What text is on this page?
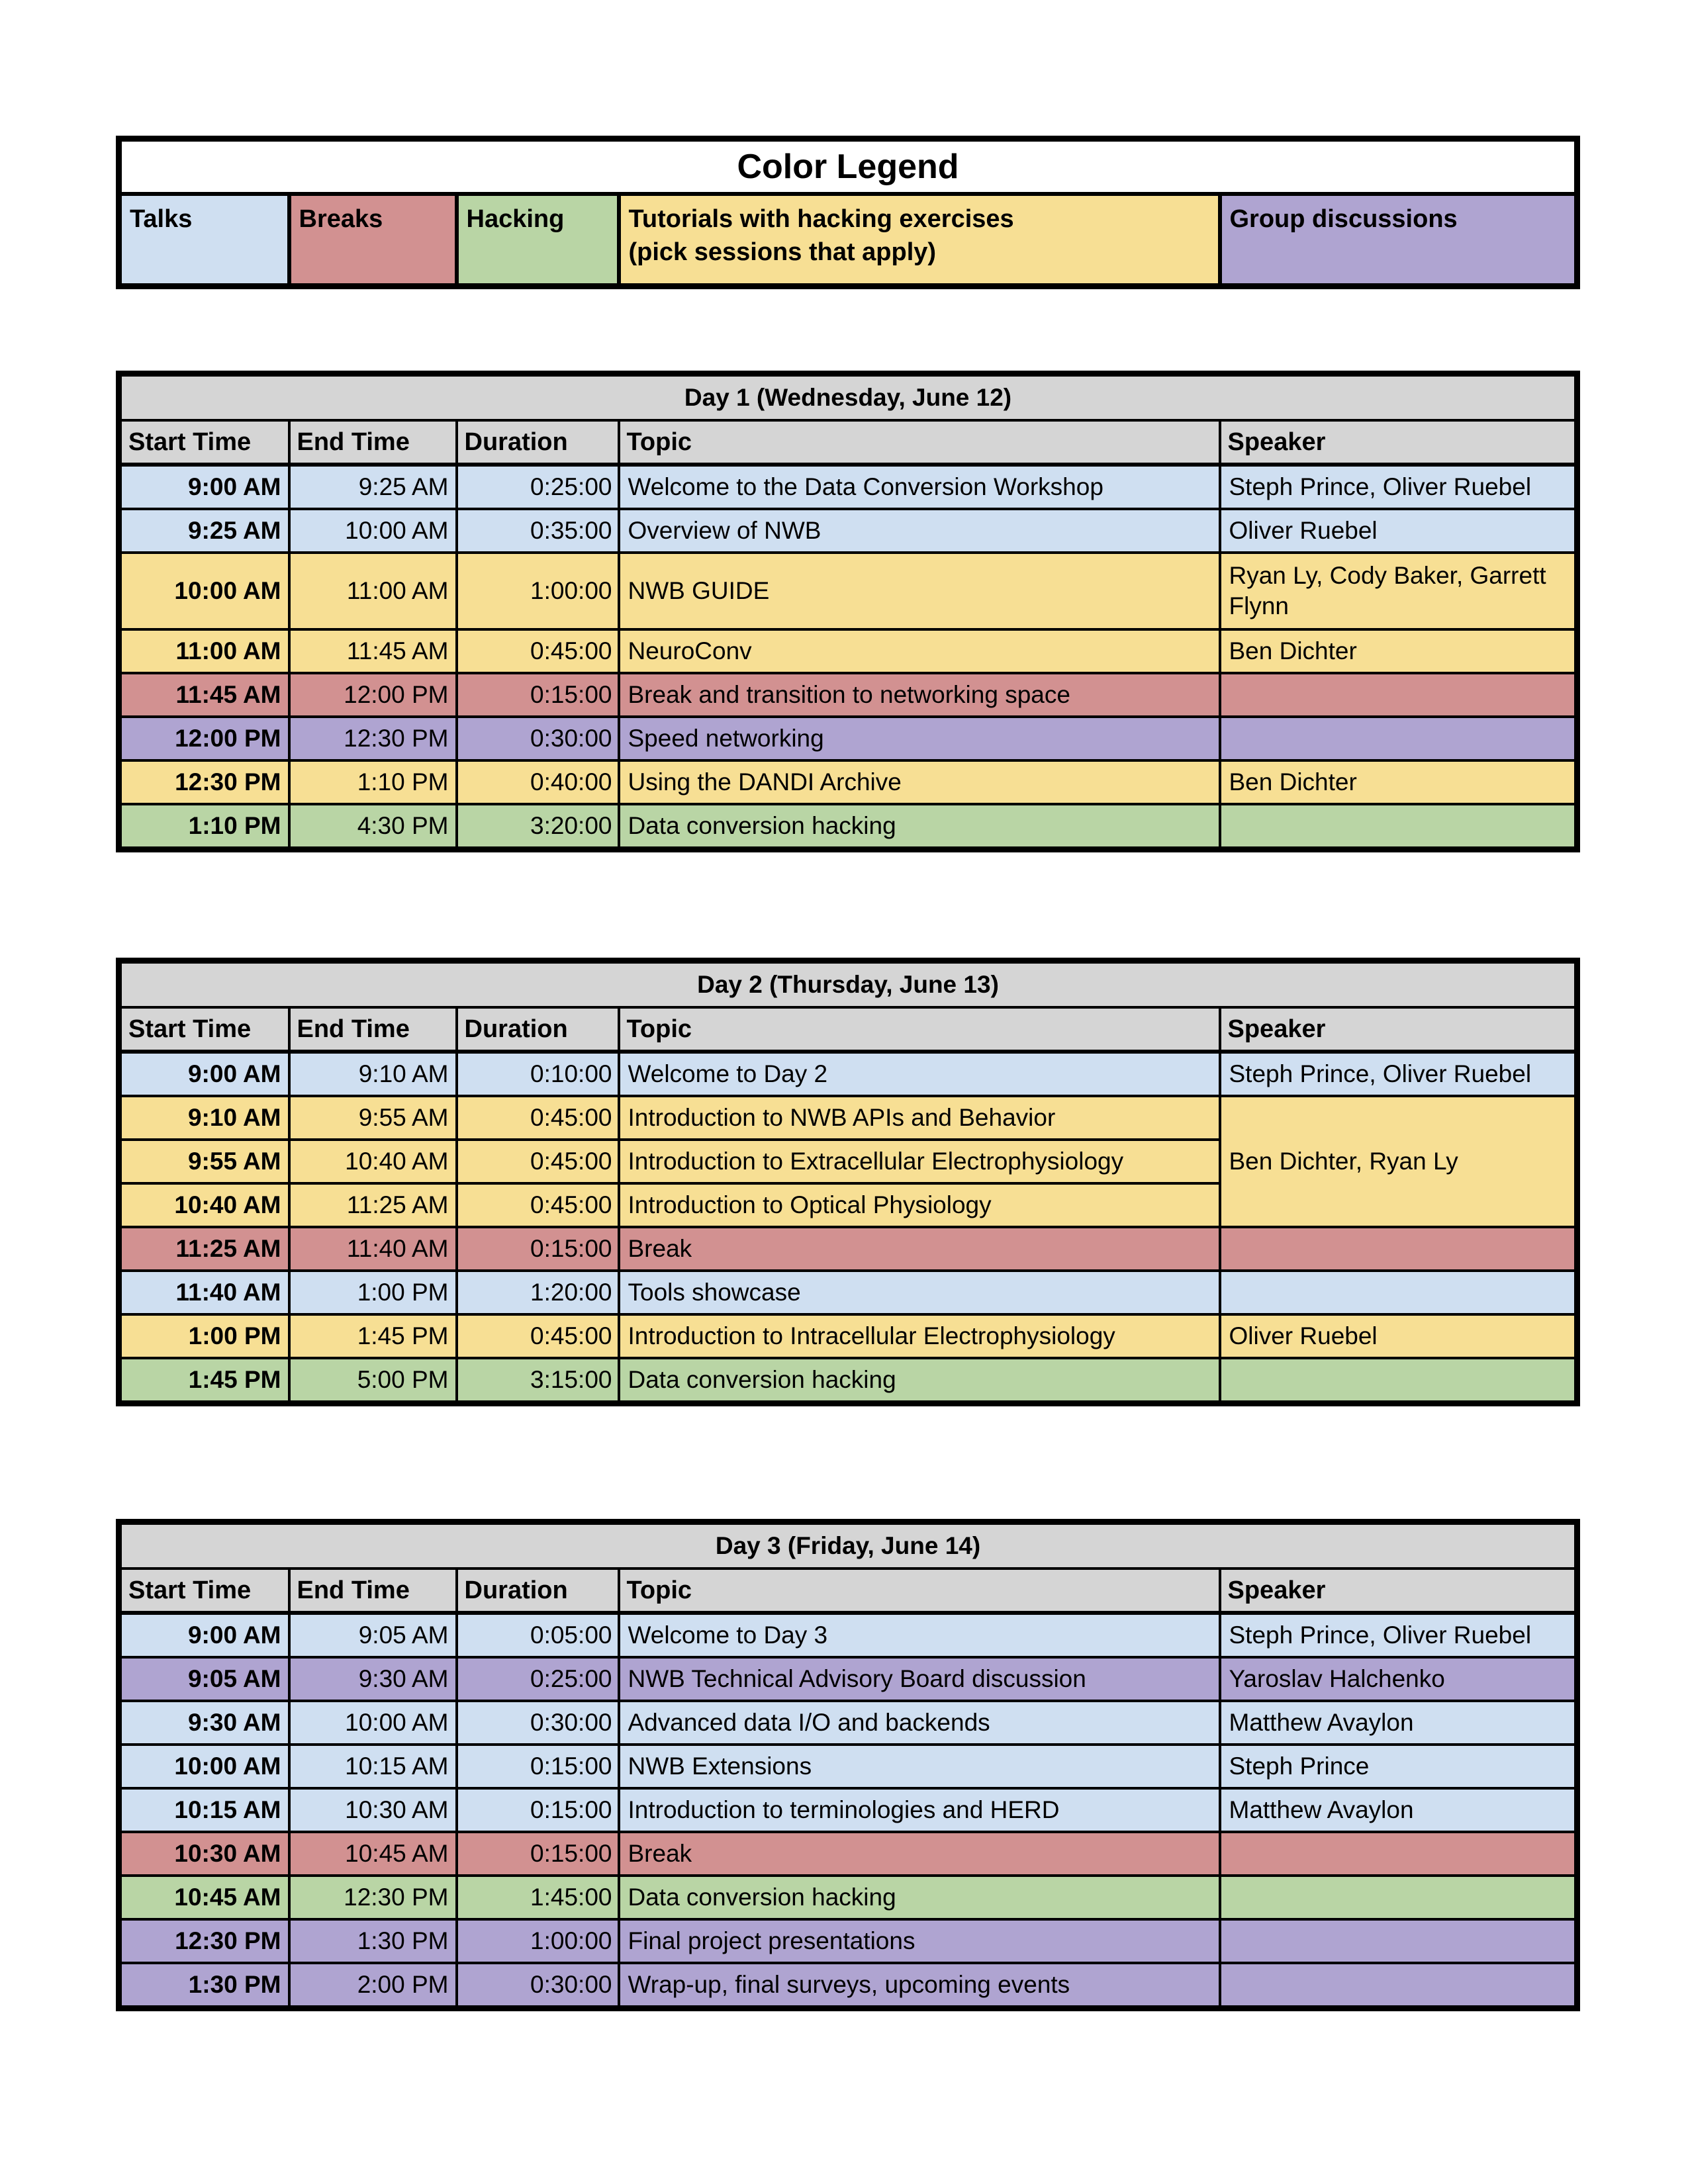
Color Legend
Talks	Breaks	Hacking	Tutorials with hacking exercises
(pick sessions that apply)
	Group discussions
Day 1 (Wednesday, June 12)				
Start Time	End Time	Duration	Topic	Speaker
9:00 AM	9:25 AM	0:25:00	Welcome to the Data Conversion Workshop	Steph Prince, Oliver Ruebel
9:25 AM	10:00 AM	0:35:00	Overview of NWB	Oliver Ruebel
10:00 AM	11:00 AM	1:00:00	NWB GUIDE	Ryan Ly, Cody Baker, Garrett Flynn
11:00 AM	11:45 AM	0:45:00	NeuroConv	Ben Dichter
11:45 AM	12:00 PM	0:15:00	Break and transition to networking space	
12:00 PM	12:30 PM	0:30:00	Speed networking	
12:30 PM	1:10 PM	0:40:00	Using the DANDI Archive	Ben Dichter
1:10 PM	4:30 PM	3:20:00	Data conversion hacking	
Day 2 (Thursday, June 13)				
Start Time	End Time	Duration	Topic	Speaker
9:00 AM	9:10 AM	0:10:00	Welcome to Day 2	Steph Prince, Oliver Ruebel
9:10 AM	9:55 AM	0:45:00	Introduction to NWB APIs and Behavior	Ben Dichter, Ryan Ly
9:55 AM	10:40 AM	0:45:00	Introduction to Extracellular Electrophysiology	
10:40 AM	11:25 AM	0:45:00	Introduction to Optical Physiology	
11:25 AM	11:40 AM	0:15:00	Break	
11:40 AM	1:00 PM	1:20:00	Tools showcase	
1:00 PM	1:45 PM	0:45:00	Introduction to Intracellular Electrophysiology	Oliver Ruebel
1:45 PM	5:00 PM	3:15:00	Data conversion hacking	
Day 3 (Friday, June 14)				
Start Time	End Time	Duration	Topic	Speaker
9:00 AM	9:05 AM	0:05:00	Welcome to Day 3	Steph Prince, Oliver Ruebel
9:05 AM	9:30 AM	0:25:00	NWB Technical Advisory Board discussion	Yaroslav Halchenko
9:30 AM	10:00 AM	0:30:00	Advanced data I/O and backends	Matthew Avaylon
10:00 AM	10:15 AM	0:15:00	NWB Extensions	Steph Prince
10:15 AM	10:30 AM	0:15:00	Introduction to terminologies and HERD	Matthew Avaylon
10:30 AM	10:45 AM	0:15:00	Break	
10:45 AM	12:30 PM	1:45:00	Data conversion hacking	
12:30 PM	1:30 PM	1:00:00	Final project presentations	
1:30 PM	2:00 PM	0:30:00	Wrap-up, final surveys, upcoming events	
